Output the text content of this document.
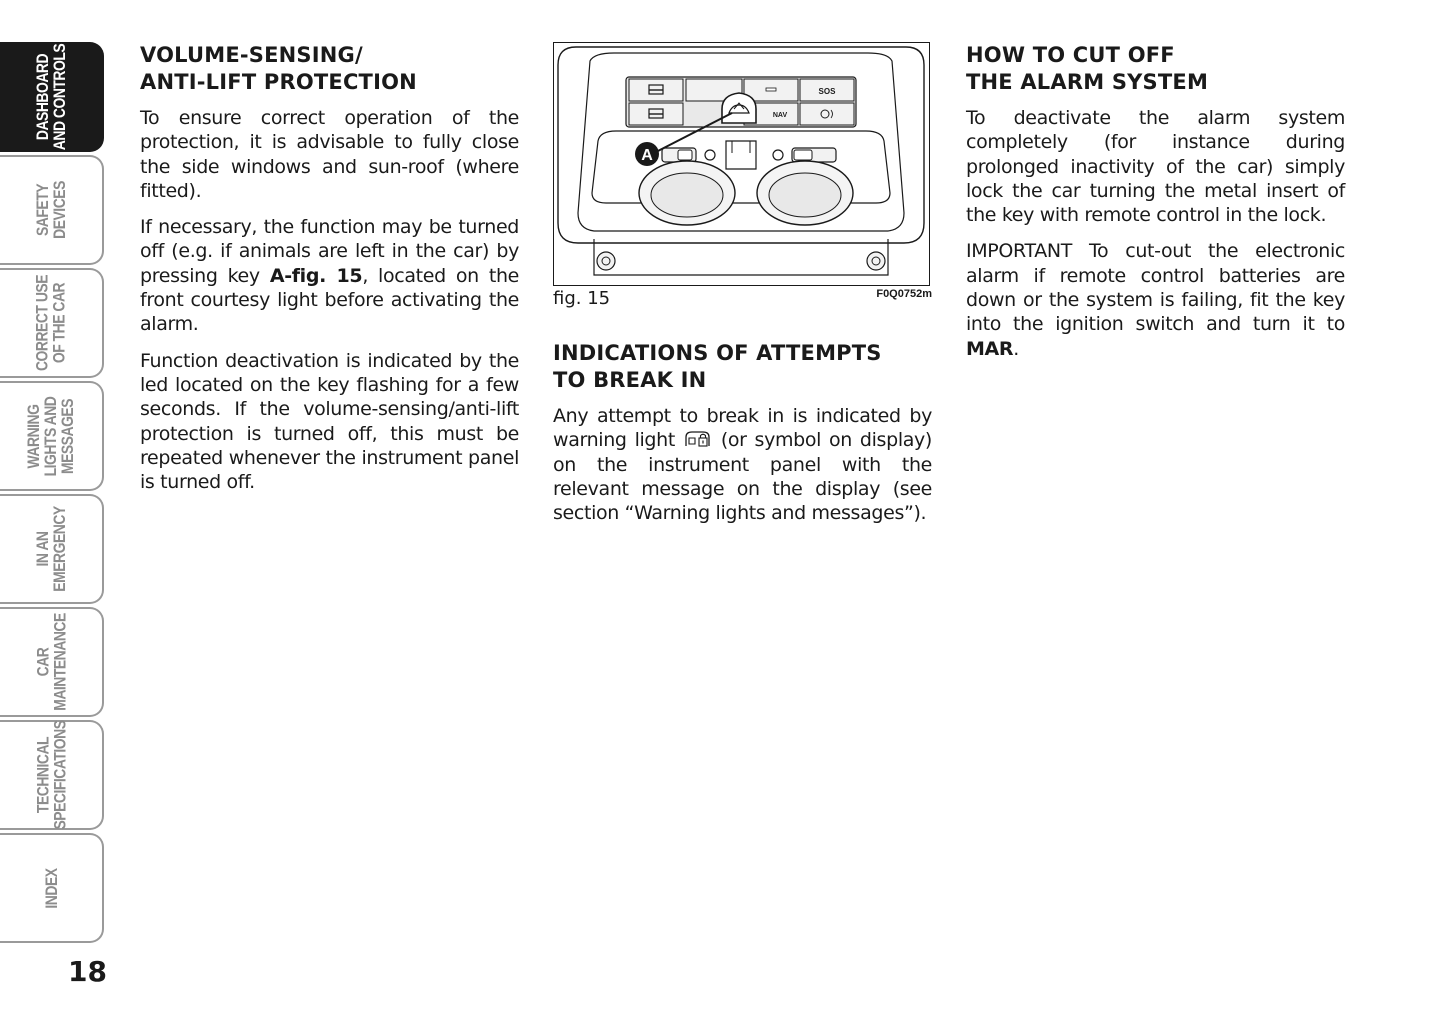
DASHBOARD
AND CONTROLS
SAFETY
DEVICES
CORRECT USE
OF THE CAR
WARNING
LIGHTS AND
MESSAGES
IN AN
EMERGENCY
CAR
MAINTENANCE
TECHNICAL
SPECIFICATIONS
INDEX
18
VOLUME-SENSING/
ANTI-LIFT PROTECTION

To ensure correct operation of the protection, it is advisable to fully close the side windows and sun-roof (where fitted).

If necessary, the function may be turned off (e.g. if animals are left in the car) by pressing key A-fig. 15, located on the front courtesy light before activating the alarm.

Function deactivation is indicated by the led located on the key flashing for a few seconds. If the volume-sensing/anti-lift protection is turned off, this must be repeated whenever the instrument panel is turned off.

SOS
NAV
A
fig. 15	F0Q0752m
INDICATIONS OF ATTEMPTS
TO BREAK IN

Any attempt to break in is indicated by warning light  (or symbol on display) on the instrument panel with the relevant message on the display (see section “Warning lights and messages”).

HOW TO CUT OFF
THE ALARM SYSTEM

To deactivate the alarm system completely (for instance during prolonged inactivity of the car) simply lock the car turning the metal insert of the key with remote control in the lock.

IMPORTANT To cut-out the electronic alarm if remote control batteries are down or the system is failing, fit the key into the ignition switch and turn it to MAR.
